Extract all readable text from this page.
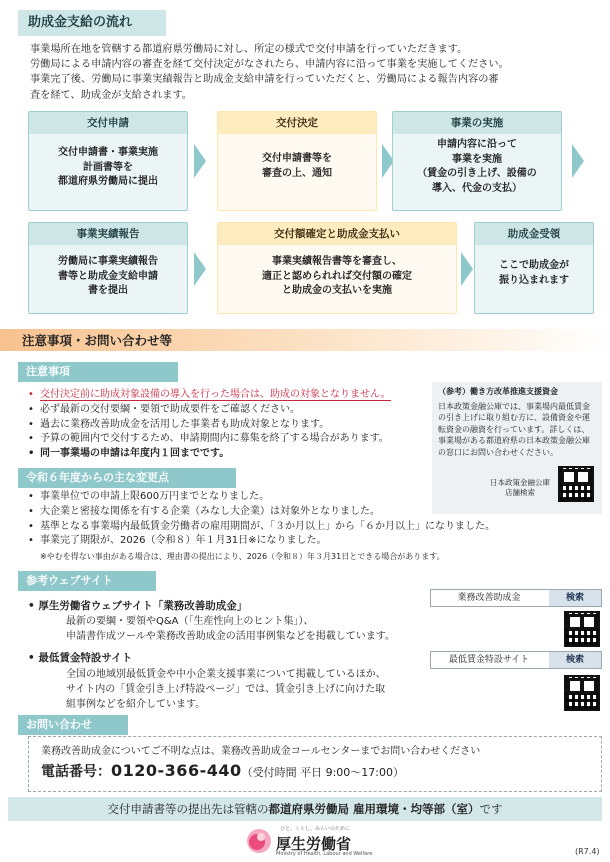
助成金支給の流れ

事業場所在地を管轄する都道府県労働局に対し、所定の様式で交付申請を行っていただきます。

労働局による申請内容の審査を経て交付決定がなされたら、申請内容に沿って事業を実施してください。

事業完了後、労働局に事業実績報告と助成金支給申請を行っていただくと、労働局による報告内容の審

査を経て、助成金が支給されます。

交付申請
交付申請書・事業実施
計画書等を
都道府県労働局に提出
交付決定
交付申請書等を
審査の上、通知
事業の実施
申請内容に沿って
事業を実施
（賃金の引き上げ、設備の
導入、代金の支払）
事業実績報告
労働局に事業実績報告
書等と助成金支給申請
書を提出
交付額確定と助成金支払い
事業実績報告書等を審査し、
適正と認められれば交付額の確定
と助成金の支払いを実施
助成金受領
ここで助成金が
振り込まれます
注意事項・お問い合わせ等
注意事項
• 交付決定前に助成対象設備の導入を行った場合は、助成の対象となりません。
• 必ず最新の交付要綱・要領で助成要件をご確認ください。
• 過去に業務改善助成金を活用した事業者も助成対象となります。
• 予算の範囲内で交付するため、申請期間内に募集を終了する場合があります。
• 同一事業場の申請は年度内１回までです。
（参考）働き方改革推進支援資金
日本政策金融公庫では、事業場内最低賃金の引き上げに取り組む方に、設備資金や運転資金の融資を行っています。詳しくは、事業場がある都道府県の日本政策金融公庫の窓口にお問い合わせください。
日本政策金融公庫
店舗検索
令和６年度からの主な変更点
• 事業単位での申請上限600万円までとなりました。
• 大企業と密接な関係を有する企業（みなし大企業）は対象外となりました。
• 基準となる事業場内最低賃金労働者の雇用期間が、「３か月以上」から「６か月以上」になりました。
• 事業完了期限が、2026（令和８）年１月31日※になりました。
※やむを得ない事由がある場合は、理由書の提出により、2026（令和８）年３月31日とできる場合があります。
参考ウェブサイト
• 厚生労働省ウェブサイト「業務改善助成金」
最新の要綱・要領やQ&A（「生産性向上のヒント集」）、
申請書作成ツールや業務改善助成金の活用事例集などを掲載しています。
業務改善助成金	検索
• 最低賃金特設サイト
全国の地域別最低賃金や中小企業支援事業について掲載しているほか、
サイト内の「賃金引き上げ特設ページ」では、賃金引き上げに向けた取
組事例などを紹介しています。
最低賃金特設サイト	検索
お問い合わせ
業務改善助成金についてご不明な点は、業務改善助成金コールセンターまでお問い合わせください
電話番号：0120-366-440（受付時間 平日 9:00～17:00）
交付申請書等の提出先は管轄の都道府県労働局 雇用環境・均等部（室）です
ひと、くらし、みらいのために
厚生労働省
Ministry of Health, Labour and Welfare	(R7.4)
